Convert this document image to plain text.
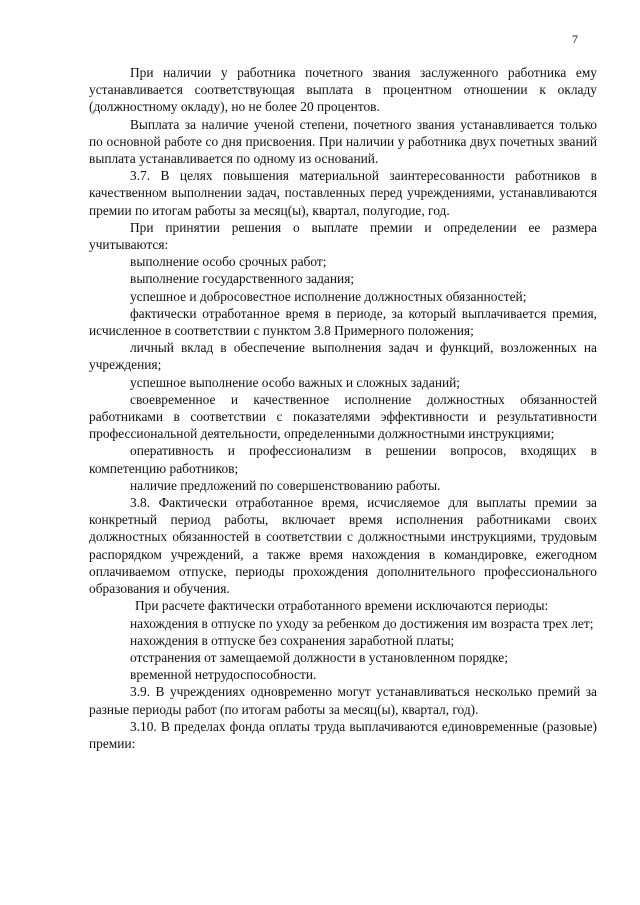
7

При наличии у работника почетного звания заслуженного работника ему устанавливается соответствующая выплата в процентном отношении к окладу (должностному окладу), но не более 20 процентов.

Выплата за наличие ученой степени, почетного звания устанавливается только по основной работе со дня присвоения. При наличии у работника двух почетных званий выплата устанавливается по одному из оснований.

3.7. В целях повышения материальной заинтересованности работников в качественном выполнении задач, поставленных перед учреждениями, устанавливаются премии по итогам работы за месяц(ы), квартал, полугодие, год.

При принятии решения о выплате премии и определении ее размера учитываются:

выполнение особо срочных работ;

выполнение государственного задания;

успешное и добросовестное исполнение должностных обязанностей;

фактически отработанное время в периоде, за который выплачивается премия, исчисленное в соответствии с пунктом 3.8 Примерного положения;

личный вклад в обеспечение выполнения задач и функций, возложенных на учреждения;

успешное выполнение особо важных и сложных заданий;

своевременное и качественное исполнение должностных обязанностей работниками в соответствии с показателями эффективности и результативности профессиональной деятельности, определенными должностными инструкциями;

оперативность и профессионализм в решении вопросов, входящих в компетенцию работников;

наличие предложений по совершенствованию работы.

3.8. Фактически отработанное время, исчисляемое для выплаты премии за конкретный период работы, включает время исполнения работниками своих должностных обязанностей в соответствии с должностными инструкциями, трудовым распорядком учреждений, а также время нахождения в командировке, ежегодном оплачиваемом отпуске, периоды прохождения дополнительного профессионального образования и обучения.

При расчете фактически отработанного времени исключаются периоды:

нахождения в отпуске по уходу за ребенком до достижения им возраста трех лет;

нахождения в отпуске без сохранения заработной платы;

отстранения от замещаемой должности в установленном порядке;

временной нетрудоспособности.

3.9. В учреждениях одновременно могут устанавливаться несколько премий за разные периоды работ (по итогам работы за месяц(ы), квартал, год).

3.10. В пределах фонда оплаты труда выплачиваются единовременные (разовые) премии:
